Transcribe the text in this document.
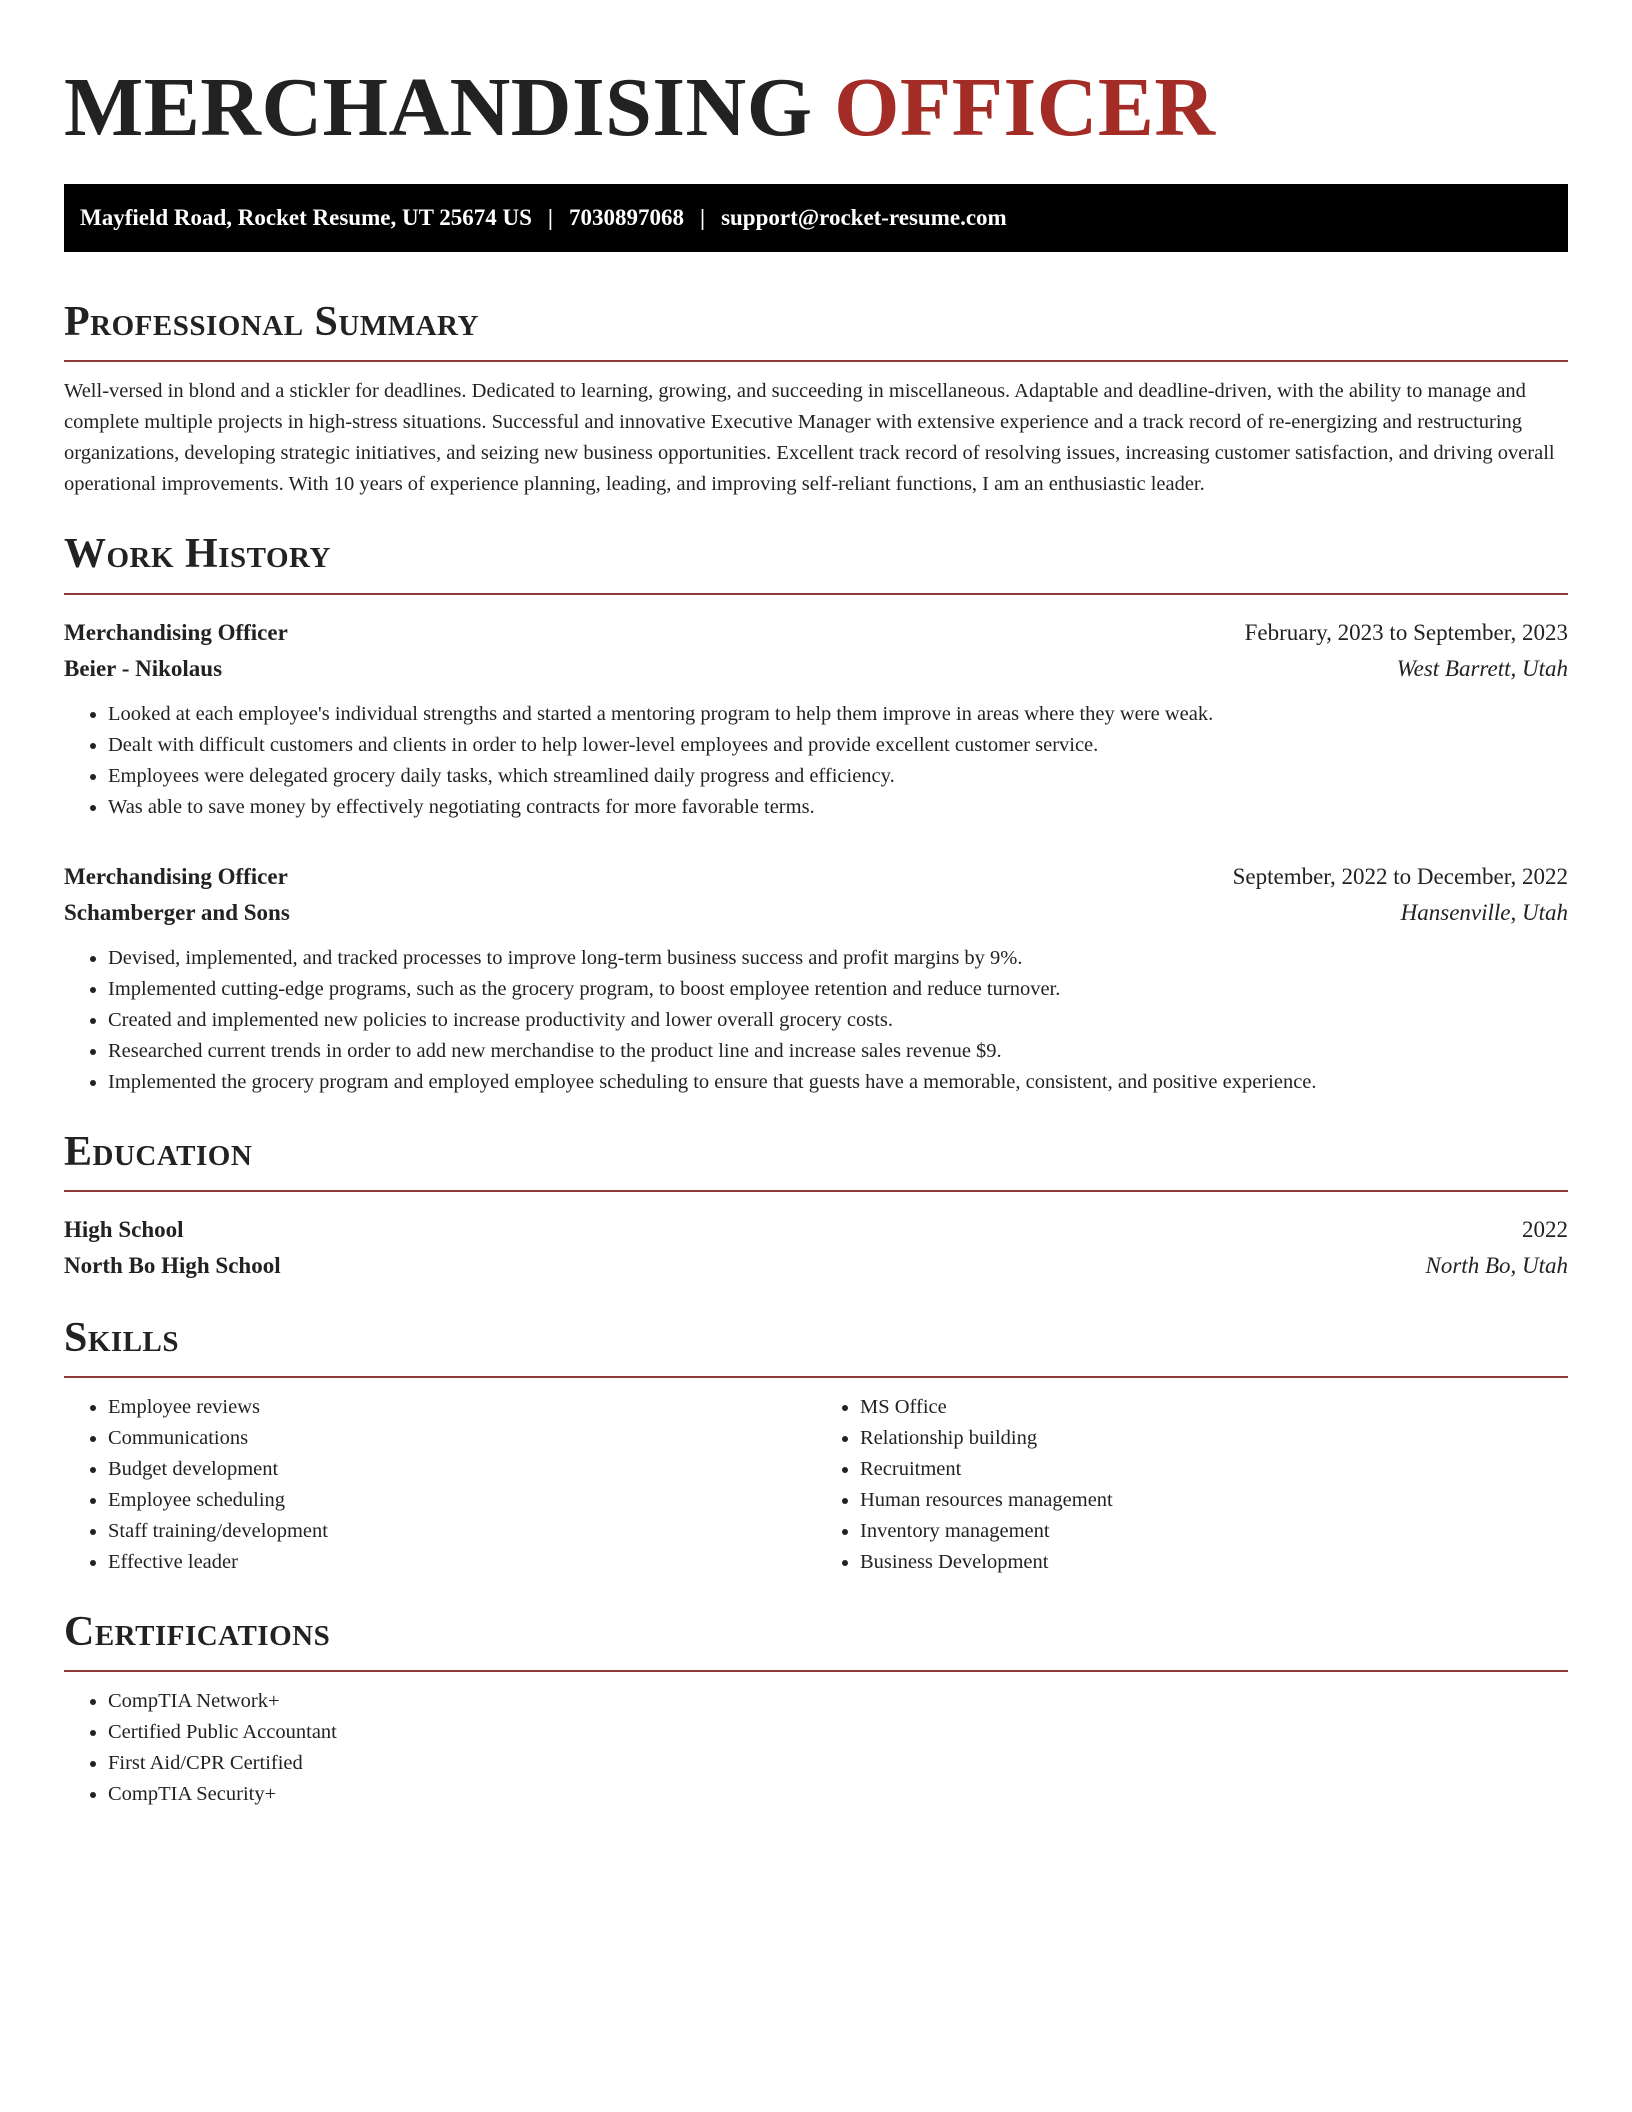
MERCHANDISING OFFICER
Mayfield Road, Rocket Resume, UT 25674 US | 7030897068 | support@rocket-resume.com
Professional Summary

Well-versed in blond and a stickler for deadlines. Dedicated to learning, growing, and succeeding in miscellaneous. Adaptable and deadline-driven, with the ability to manage and complete multiple projects in high-stress situations. Successful and innovative Executive Manager with extensive experience and a track record of re-energizing and restructuring organizations, developing strategic initiatives, and seizing new business opportunities. Excellent track record of resolving issues, increasing customer satisfaction, and driving overall operational improvements. With 10 years of experience planning, leading, and improving self-reliant functions, I am an enthusiastic leader.

Work History
Merchandising Officer	February, 2023 to September, 2023
Beier - Nikolaus	West Barrett, Utah
• Looked at each employee's individual strengths and started a mentoring program to help them improve in areas where they were weak.
• Dealt with difficult customers and clients in order to help lower-level employees and provide excellent customer service.
• Employees were delegated grocery daily tasks, which streamlined daily progress and efficiency.
• Was able to save money by effectively negotiating contracts for more favorable terms.
Merchandising Officer	September, 2022 to December, 2022
Schamberger and Sons	Hansenville, Utah
• Devised, implemented, and tracked processes to improve long-term business success and profit margins by 9%.
• Implemented cutting-edge programs, such as the grocery program, to boost employee retention and reduce turnover.
• Created and implemented new policies to increase productivity and lower overall grocery costs.
• Researched current trends in order to add new merchandise to the product line and increase sales revenue $9.
• Implemented the grocery program and employed employee scheduling to ensure that guests have a memorable, consistent, and positive experience.
Education
High School	2022
North Bo High School	North Bo, Utah
Skills
• Employee reviews
• Communications
• Budget development
• Employee scheduling
• Staff training/development
• Effective leader
• MS Office
• Relationship building
• Recruitment
• Human resources management
• Inventory management
• Business Development
Certifications
• CompTIA Network+
• Certified Public Accountant
• First Aid/CPR Certified
• CompTIA Security+
